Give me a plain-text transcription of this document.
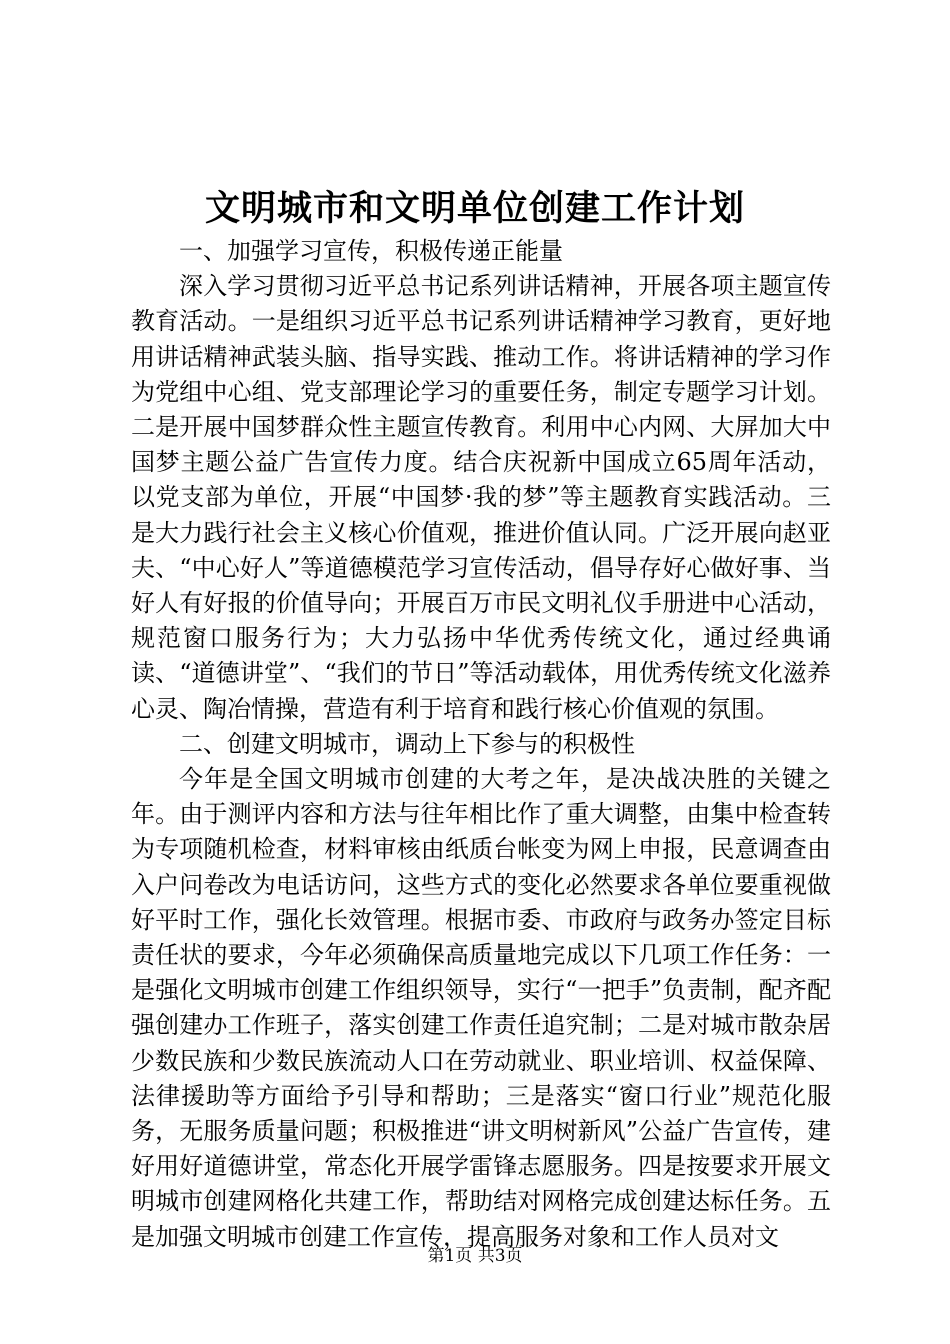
文明城市和文明单位创建工作计划

一、加强学习宣传，积极传递正能量

深入学习贯彻习近平总书记系列讲话精神，开展各项主题宣传教育活动。一是组织习近平总书记系列讲话精神学习教育，更好地用讲话精神武装头脑、指导实践、推动工作。将讲话精神的学习作为党组中心组、党支部理论学习的重要任务，制定专题学习计划。二是开展中国梦群众性主题宣传教育。利用中心内网、大屏加大中国梦主题公益广告宣传力度。结合庆祝新中国成立65周年活动，以党支部为单位，开展“中国梦·我的梦”等主题教育实践活动。三是大力践行社会主义核心价值观，推进价值认同。广泛开展向赵亚夫、“中心好人”等道德模范学习宣传活动，倡导存好心做好事、当好人有好报的价值导向；开展百万市民文明礼仪手册进中心活动，规范窗口服务行为；大力弘扬中华优秀传统文化，通过经典诵读、“道德讲堂”、“我们的节日”等活动载体，用优秀传统文化滋养心灵、陶冶情操，营造有利于培育和践行核心价值观的氛围。

二、创建文明城市，调动上下参与的积极性

今年是全国文明城市创建的大考之年，是决战决胜的关键之年。由于测评内容和方法与往年相比作了重大调整，由集中检查转为专项随机检查，材料审核由纸质台帐变为网上申报，民意调查由入户问卷改为电话访问，这些方式的变化必然要求各单位要重视做好平时工作，强化长效管理。根据市委、市政府与政务办签定目标责任状的要求，今年必须确保高质量地完成以下几项工作任务：一是强化文明城市创建工作组织领导，实行“一把手”负责制，配齐配强创建办工作班子，落实创建工作责任追究制；二是对城市散杂居少数民族和少数民族流动人口在劳动就业、职业培训、权益保障、法律援助等方面给予引导和帮助；三是落实“窗口行业”规范化服务，无服务质量问题；积极推进“讲文明树新风”公益广告宣传，建好用好道德讲堂，常态化开展学雷锋志愿服务。四是按要求开展文明城市创建网格化共建工作，帮助结对网格完成创建达标任务。五是加强文明城市创建工作宣传，提高服务对象和工作人员对文

第1页 共3页
